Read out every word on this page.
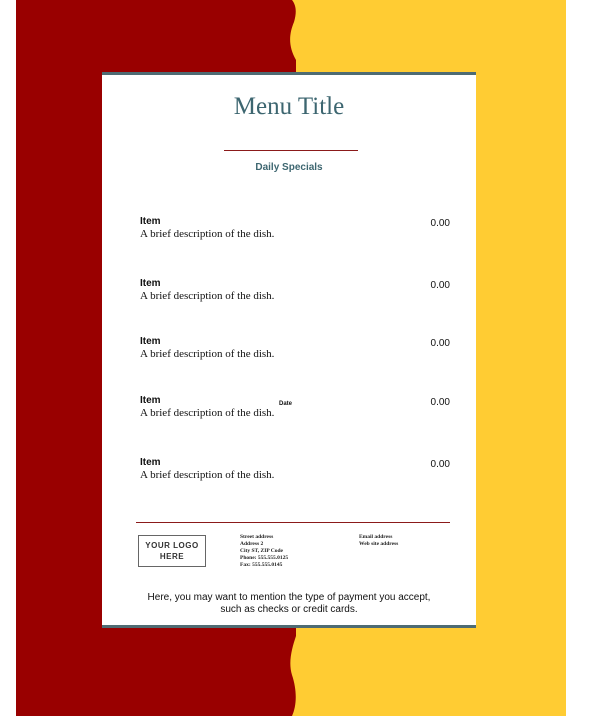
Menu Title
Daily Specials
Item
A brief description of the dish.
0.00
Item
A brief description of the dish.
0.00
Item
A brief description of the dish.
0.00
Item
A brief description of the dish.
0.00
Item
A brief description of the dish.
0.00
Date
YOUR LOGO
HERE
Street address
Address 2
City ST, ZIP Code
Phone: 555.555.0125
Fax: 555.555.0145
Email address
Web site address
Here, you may want to mention the type of payment you accept,
such as checks or credit cards.
